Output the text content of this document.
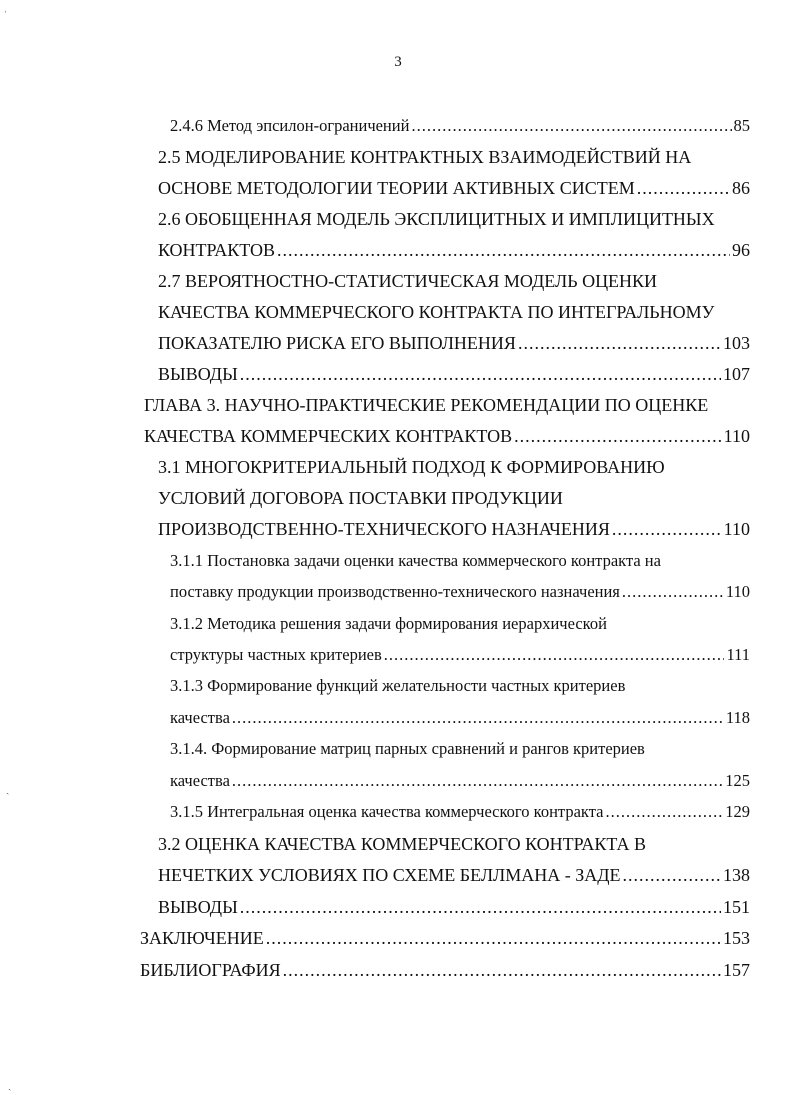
3
2.4.6 Метод эпсилон-ограничений .....	85
2.5 МОДЕЛИРОВАНИЕ КОНТРАКТНЫХ ВЗАИМОДЕЙСТВИЙ НА
ОСНОВЕ МЕТОДОЛОГИИ ТЕОРИИ АКТИВНЫХ СИСТЕМ .....	86
2.6 ОБОБЩЕННАЯ МОДЕЛЬ ЭКСПЛИЦИТНЫХ И ИМПЛИЦИТНЫХ
КОНТРАКТОВ .....	96
2.7 ВЕРОЯТНОСТНО-СТАТИСТИЧЕСКАЯ МОДЕЛЬ ОЦЕНКИ
КАЧЕСТВА КОММЕРЧЕСКОГО КОНТРАКТА ПО ИНТЕГРАЛЬНОМУ
ПОКАЗАТЕЛЮ РИСКА ЕГО ВЫПОЛНЕНИЯ .....	103
ВЫВОДЫ .....	107
ГЛАВА 3. НАУЧНО-ПРАКТИЧЕСКИЕ РЕКОМЕНДАЦИИ ПО ОЦЕНКЕ
КАЧЕСТВА КОММЕРЧЕСКИХ КОНТРАКТОВ .....	110
3.1 МНОГОКРИТЕРИАЛЬНЫЙ ПОДХОД К ФОРМИРОВАНИЮ
УСЛОВИЙ ДОГОВОРА ПОСТАВКИ ПРОДУКЦИИ
ПРОИЗВОДСТВЕННО-ТЕХНИЧЕСКОГО НАЗНАЧЕНИЯ .....	110
3.1.1 Постановка задачи оценки качества коммерческого контракта на
поставку продукции производственно-технического назначения .....	110
3.1.2 Методика решения задачи формирования иерархической
структуры частных критериев .....	111
3.1.3 Формирование функций желательности частных критериев
качества .....	118
3.1.4. Формирование матриц парных сравнений и рангов критериев
качества .....	125
3.1.5 Интегральная оценка качества коммерческого контракта .....	129
3.2 ОЦЕНКА КАЧЕСТВА КОММЕРЧЕСКОГО КОНТРАКТА В
НЕЧЕТКИХ УСЛОВИЯХ ПО СХЕМЕ БЕЛЛМАНА - ЗАДЕ .....	138
ВЫВОДЫ .....	151
ЗАКЛЮЧЕНИЕ .....	153
БИБЛИОГРАФИЯ .....	157
ˈ
ˎ
ˏ
